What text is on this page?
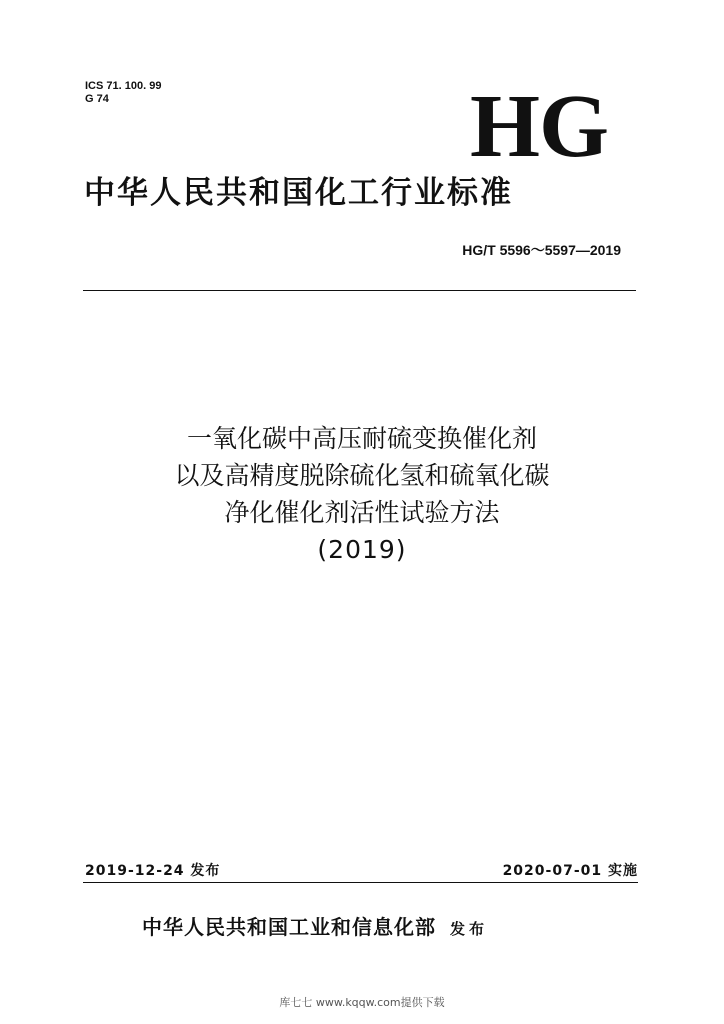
ICS 71. 100. 99
G 74	HG
中华人民共和国化工行业标准
HG/T 5596～5597—2019
一氧化碳中高压耐硫变换催化剂
以及高精度脱除硫化氢和硫氧化碳
净化催化剂活性试验方法
(2019)
2019-12-24 发布	2020-07-01 实施
中华人民共和国工业和信息化部 发布
库七七 www.kqqw.com提供下载
